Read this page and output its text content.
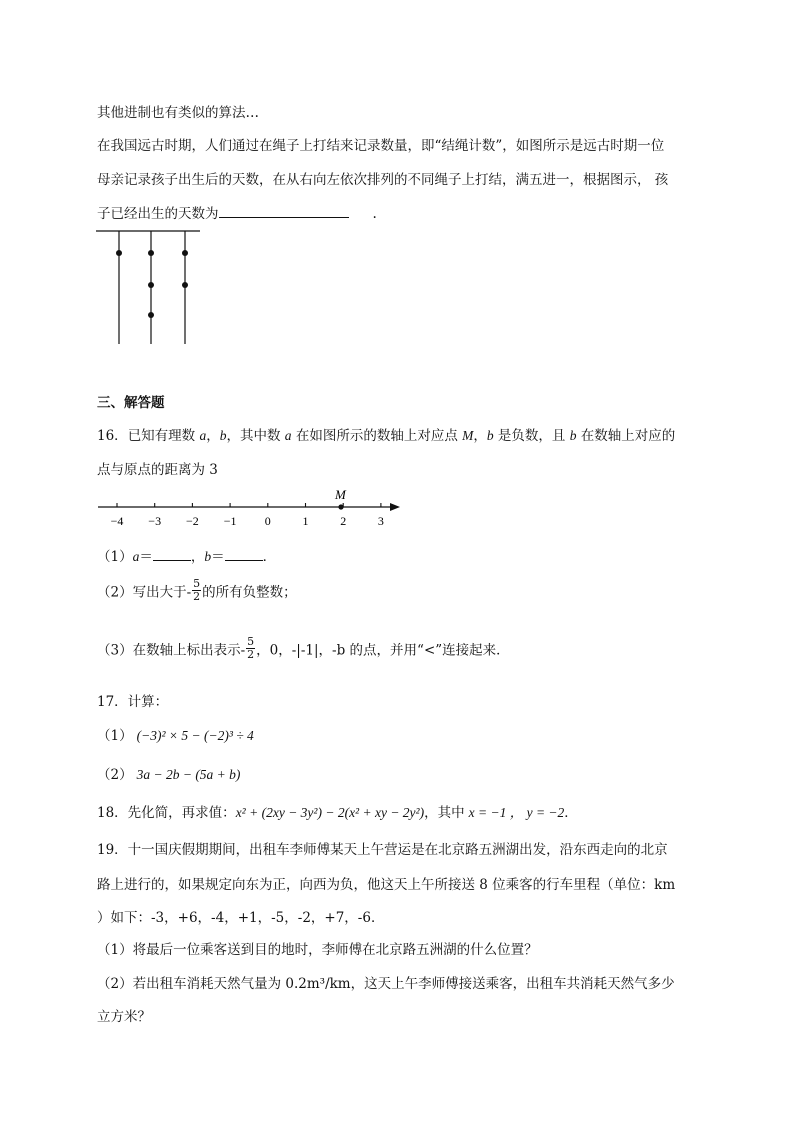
其他进制也有类似的算法…
在我国远古时期，人们通过在绳子上打结来记录数量，即“结绳计数”，如图所示是远古时期一位
母亲记录孩子出生后的天数，在从右向左依次排列的不同绳子上打结，满五进一，根据图示， 孩
子已经出生的天数为	.
三、解答题
16．已知有理数 a，b，其中数 a 在如图所示的数轴上对应点 M，b 是负数，且 b 在数轴上对应的
点与原点的距离为 3
−4 −3 −2 −1 0	1	2	3
M
（1）a＝	，b＝	．
（2）写出大于- $\frac{5}{2}$ 的所有负整数；
（3）在数轴上标出表示- $\frac{5}{2}$ ，0，-|-1|，-b 的点，并用“<”连接起来．
17．计算：
（1） (−3)² × 5 − (−2)³ ÷ 4
（2） 3a − 2b − (5a + b)
18．先化简，再求值：x² + (2xy − 3y²) − 2(x² + xy − 2y²)，其中 x = −1 ， y = −2．
19．十一国庆假期期间，出租车李师傅某天上午营运是在北京路五洲湖出发，沿东西走向的北京
路上进行的，如果规定向东为正，向西为负，他这天上午所接送 8 位乘客的行车里程（单位：km
）如下：-3，+6，-4，+1，-5，-2，+7，-6．
（1）将最后一位乘客送到目的地时，李师傅在北京路五洲湖的什么位置？
（2）若出租车消耗天然气量为 0.2m³/km，这天上午李师傅接送乘客，出租车共消耗天然气多少
立方米？
